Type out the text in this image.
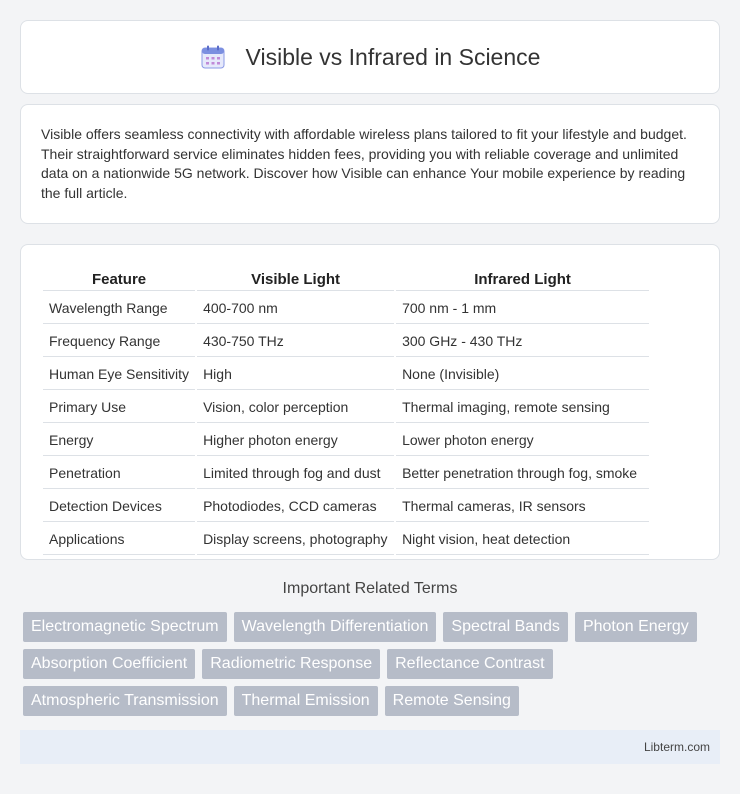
Visible vs Infrared in Science

Visible offers seamless connectivity with affordable wireless plans tailored to fit your lifestyle and budget. Their straightforward service eliminates hidden fees, providing you with reliable coverage and unlimited data on a nationwide 5G network. Discover how Visible can enhance Your mobile experience by reading the full article.

Feature	Visible Light	Infrared Light
Wavelength Range	400-700 nm	700 nm - 1 mm
Frequency Range	430-750 THz	300 GHz - 430 THz
Human Eye Sensitivity	High	None (Invisible)
Primary Use	Vision, color perception	Thermal imaging, remote sensing
Energy	Higher photon energy	Lower photon energy
Penetration	Limited through fog and dust	Better penetration through fog, smoke
Detection Devices	Photodiodes, CCD cameras	Thermal cameras, IR sensors
Applications	Display screens, photography	Night vision, heat detection
Important Related Terms
Electromagnetic Spectrum	Wavelength Differentiation	Spectral Bands	Photon Energy
Absorption Coefficient	Radiometric Response	Reflectance Contrast
Atmospheric Transmission	Thermal Emission	Remote Sensing
Libterm.com
